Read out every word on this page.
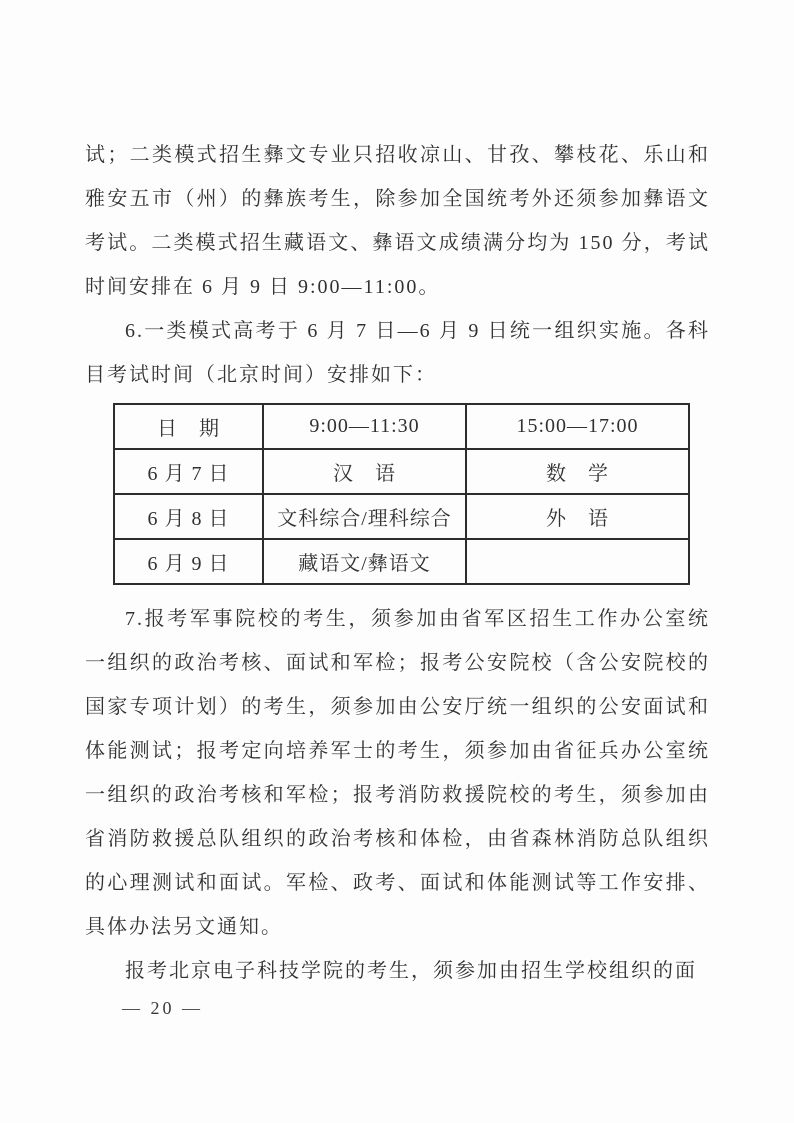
试；二类模式招生彝文专业只招收凉山、甘孜、攀枝花、乐山和雅安五市（州）的彝族考生，除参加全国统考外还须参加彝语文考试。二类模式招生藏语文、彝语文成绩满分均为 150 分，考试时间安排在 6 月 9 日 9:00—11:00。

6.一类模式高考于 6 月 7 日—6 月 9 日统一组织实施。各科目考试时间（北京时间）安排如下：

日　期	9:00—11:30	15:00—17:00
6 月 7 日	汉　语	数　学
6 月 8 日	文科综合/理科综合	外　语
6 月 9 日	藏语文/彝语文	

7.报考军事院校的考生，须参加由省军区招生工作办公室统一组织的政治考核、面试和军检；报考公安院校（含公安院校的国家专项计划）的考生，须参加由公安厅统一组织的公安面试和体能测试；报考定向培养军士的考生，须参加由省征兵办公室统一组织的政治考核和军检；报考消防救援院校的考生，须参加由省消防救援总队组织的政治考核和体检，由省森林消防总队组织的心理测试和面试。军检、政考、面试和体能测试等工作安排、具体办法另文通知。

报考北京电子科技学院的考生，须参加由招生学校组织的面

— 20 —
